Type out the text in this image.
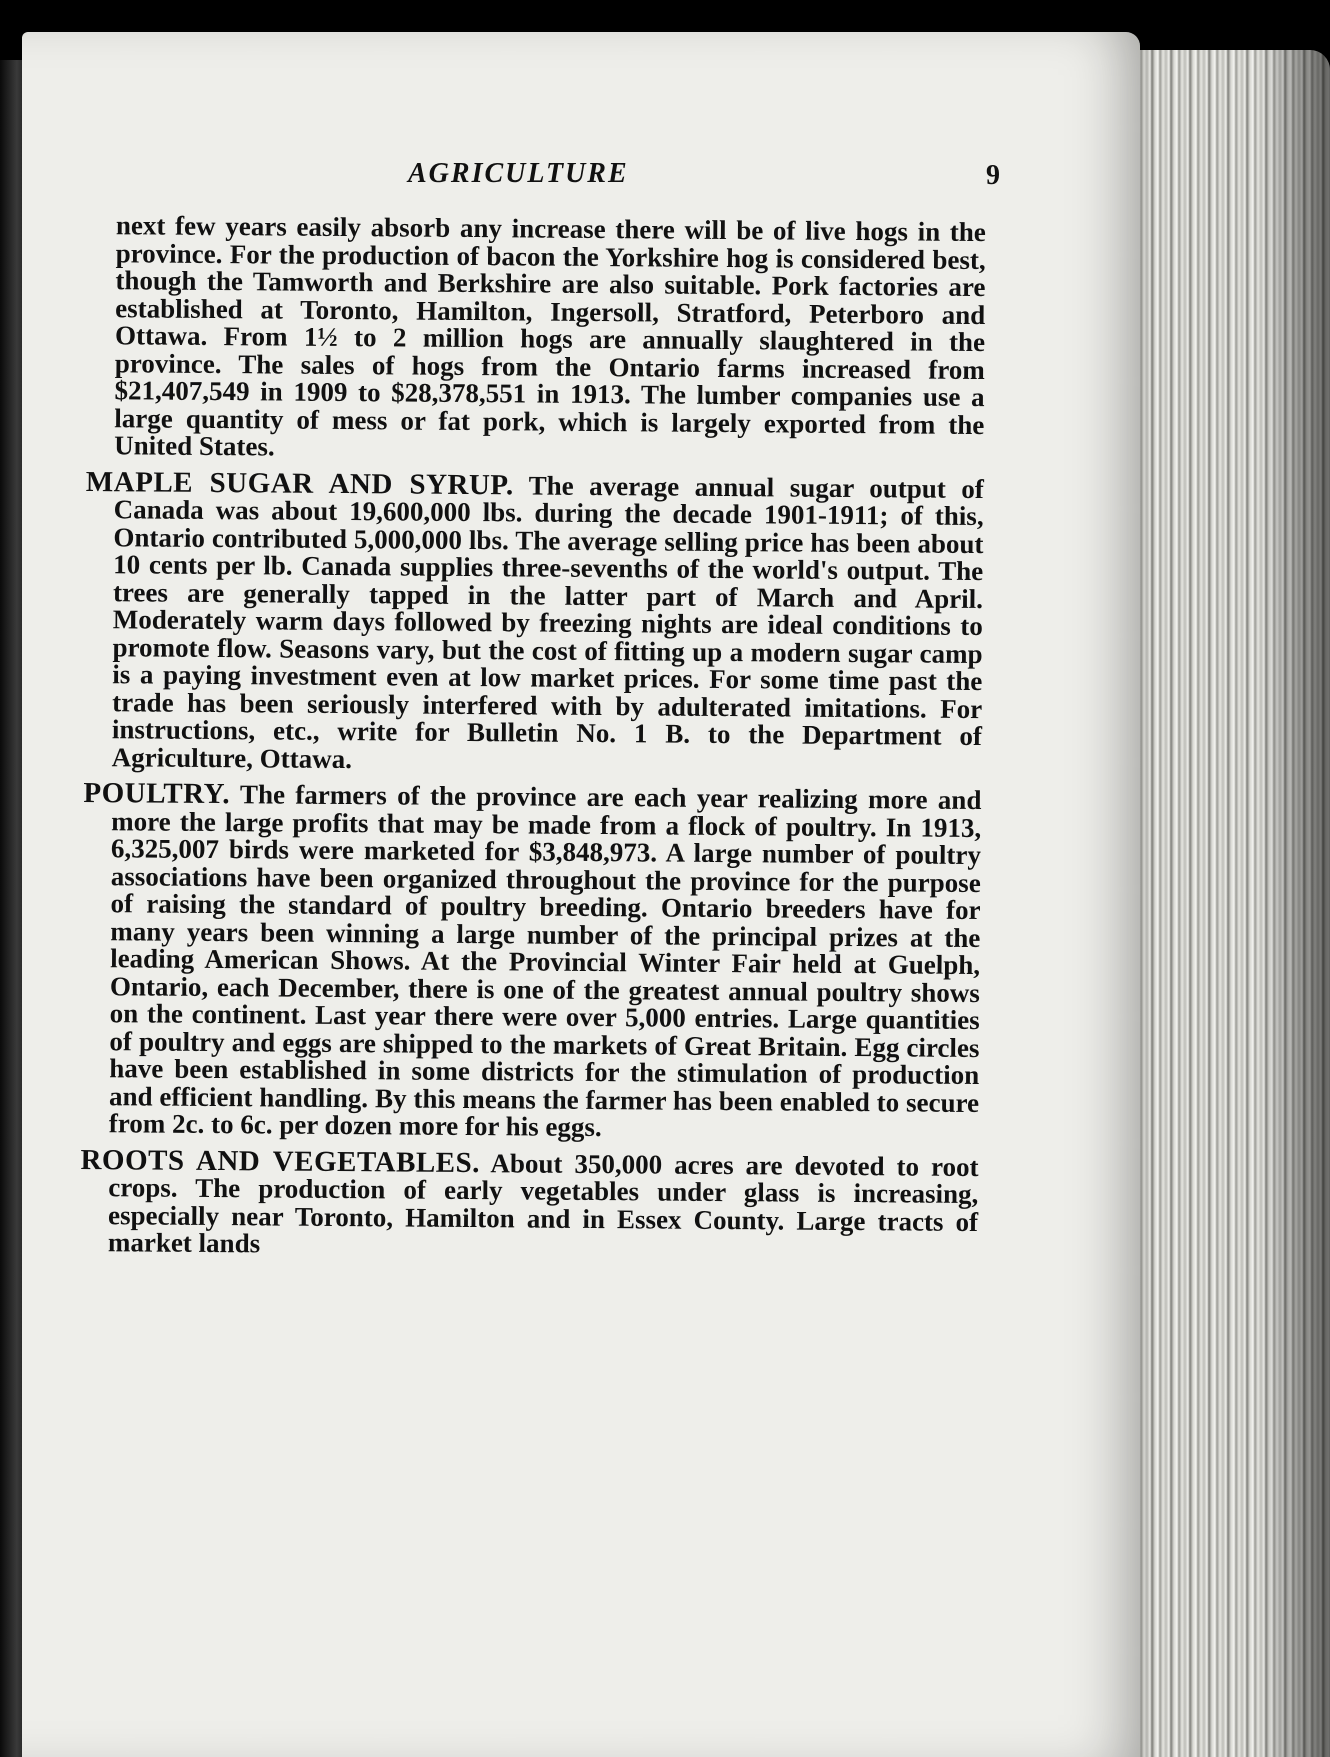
AGRICULTURE	9

next few years easily absorb any increase there will be of live hogs in the province. For the production of bacon the Yorkshire hog is considered best, though the Tamworth and Berkshire are also suitable. Pork factories are established at Toronto, Hamilton, Ingersoll, Stratford, Peterboro and Ottawa. From 1½ to 2 million hogs are annually slaughtered in the province. The sales of hogs from the Ontario farms increased from $21,407,549 in 1909 to $28,378,551 in 1913. The lumber companies use a large quantity of mess or fat pork, which is largely exported from the United States.

MAPLE SUGAR AND SYRUP. The average annual sugar output of Canada was about 19,600,000 lbs. during the decade 1901-1911; of this, Ontario contributed 5,000,000 lbs. The average selling price has been about 10 cents per lb. Canada supplies three-sevenths of the world's output. The trees are generally tapped in the latter part of March and April. Moderately warm days followed by freezing nights are ideal conditions to promote flow. Seasons vary, but the cost of fitting up a modern sugar camp is a paying investment even at low market prices. For some time past the trade has been seriously interfered with by adulterated imitations. For instructions, etc., write for Bulletin No. 1 B. to the Department of Agriculture, Ottawa.

POULTRY. The farmers of the province are each year realizing more and more the large profits that may be made from a flock of poultry. In 1913, 6,325,007 birds were marketed for $3,848,973. A large number of poultry associations have been organized throughout the province for the purpose of raising the standard of poultry breeding. Ontario breeders have for many years been winning a large number of the principal prizes at the leading American Shows. At the Provincial Winter Fair held at Guelph, Ontario, each December, there is one of the greatest annual poultry shows on the continent. Last year there were over 5,000 entries. Large quantities of poultry and eggs are shipped to the markets of Great Britain. Egg circles have been established in some districts for the stimulation of production and efficient handling. By this means the farmer has been enabled to secure from 2c. to 6c. per dozen more for his eggs.

ROOTS AND VEGETABLES. About 350,000 acres are devoted to root crops. The production of early vegetables under glass is increasing, especially near Toronto, Hamilton and in Essex County. Large tracts of market lands
